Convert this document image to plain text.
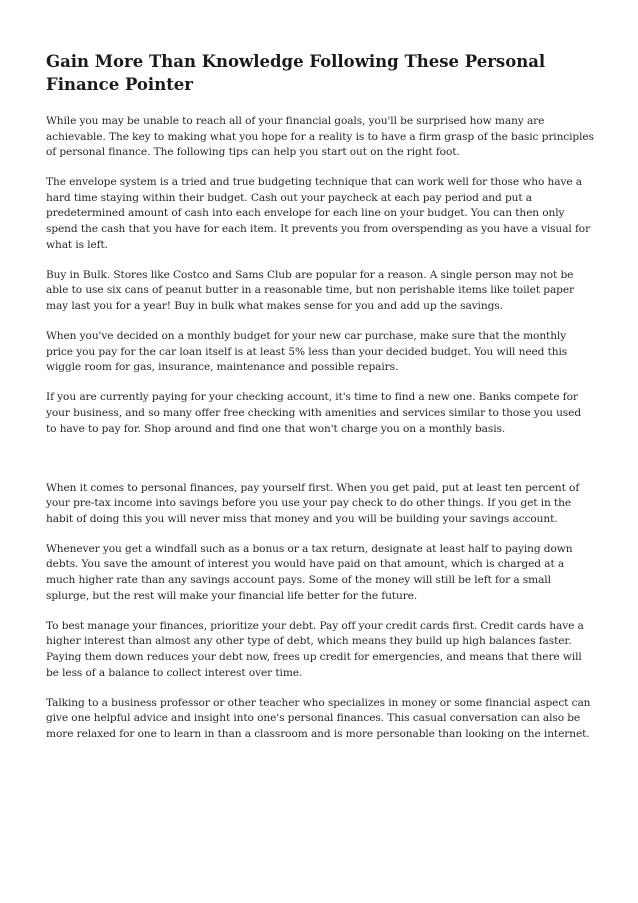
Gain More Than Knowledge Following These Personal Finance Pointer

While you may be unable to reach all of your financial goals, you'll be surprised how many are achievable. The key to making what you hope for a reality is to have a firm grasp of the basic principles of personal finance. The following tips can help you start out on the right foot.

The envelope system is a tried and true budgeting technique that can work well for those who have a hard time staying within their budget. Cash out your paycheck at each pay period and put a predetermined amount of cash into each envelope for each line on your budget. You can then only spend the cash that you have for each item. It prevents you from overspending as you have a visual for what is left.

Buy in Bulk. Stores like Costco and Sams Club are popular for a reason. A single person may not be able to use six cans of peanut butter in a reasonable time, but non perishable items like toilet paper may last you for a year! Buy in bulk what makes sense for you and add up the savings.

When you've decided on a monthly budget for your new car purchase, make sure that the monthly price you pay for the car loan itself is at least 5% less than your decided budget. You will need this wiggle room for gas, insurance, maintenance and possible repairs.

If you are currently paying for your checking account, it's time to find a new one. Banks compete for your business, and so many offer free checking with amenities and services similar to those you used to have to pay for. Shop around and find one that won't charge you on a monthly basis.

When it comes to personal finances, pay yourself first. When you get paid, put at least ten percent of your pre-tax income into savings before you use your pay check to do other things. If you get in the habit of doing this you will never miss that money and you will be building your savings account.

Whenever you get a windfall such as a bonus or a tax return, designate at least half to paying down debts. You save the amount of interest you would have paid on that amount, which is charged at a much higher rate than any savings account pays. Some of the money will still be left for a small splurge, but the rest will make your financial life better for the future.

To best manage your finances, prioritize your debt. Pay off your credit cards first. Credit cards have a higher interest than almost any other type of debt, which means they build up high balances faster. Paying them down reduces your debt now, frees up credit for emergencies, and means that there will be less of a balance to collect interest over time.

Talking to a business professor or other teacher who specializes in money or some financial aspect can give one helpful advice and insight into one's personal finances. This casual conversation can also be more relaxed for one to learn in than a classroom and is more personable than looking on the internet.
